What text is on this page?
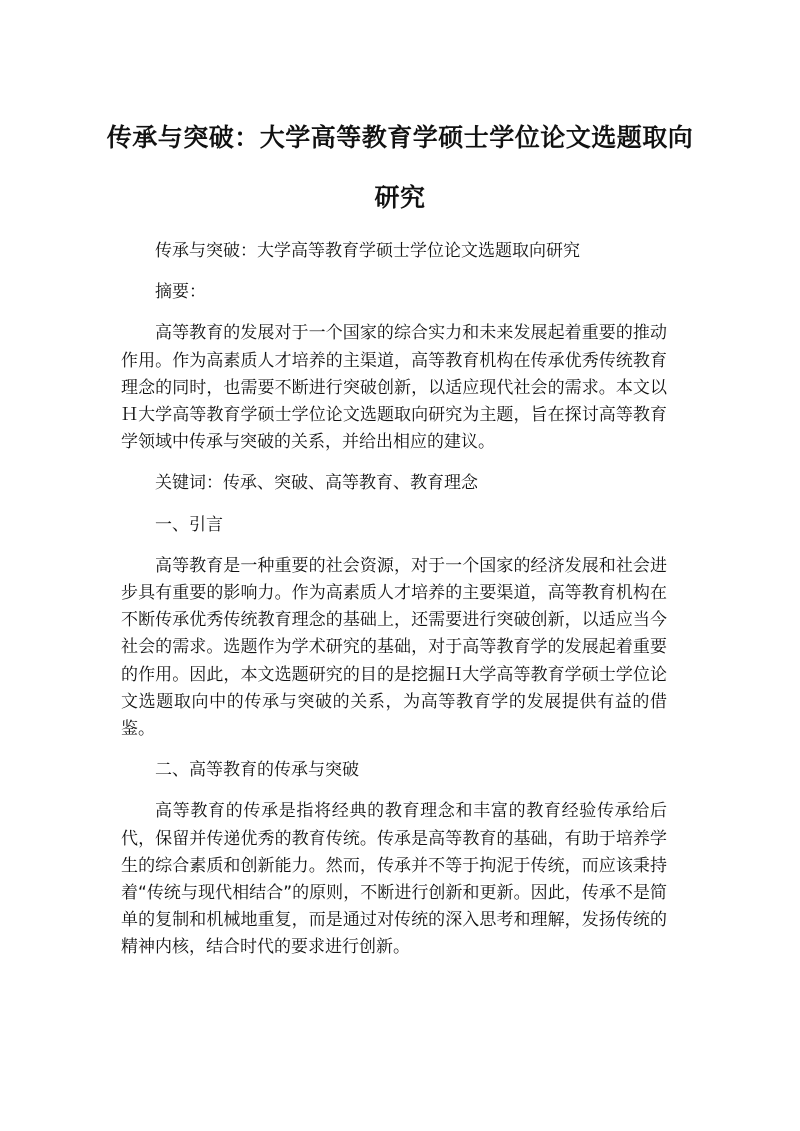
传承与突破：大学高等教育学硕士学位论文选题取向研究

传承与突破：大学高等教育学硕士学位论文选题取向研究

摘要：

高等教育的发展对于一个国家的综合实力和未来发展起着重要的推动作用。作为高素质人才培养的主渠道，高等教育机构在传承优秀传统教育理念的同时，也需要不断进行突破创新，以适应现代社会的需求。本文以Ｈ大学高等教育学硕士学位论文选题取向研究为主题，旨在探讨高等教育学领域中传承与突破的关系，并给出相应的建议。

关键词：传承、突破、高等教育、教育理念

一、引言

高等教育是一种重要的社会资源，对于一个国家的经济发展和社会进步具有重要的影响力。作为高素质人才培养的主要渠道，高等教育机构在不断传承优秀传统教育理念的基础上，还需要进行突破创新，以适应当今社会的需求。选题作为学术研究的基础，对于高等教育学的发展起着重要的作用。因此，本文选题研究的目的是挖掘Ｈ大学高等教育学硕士学位论文选题取向中的传承与突破的关系，为高等教育学的发展提供有益的借鉴。

二、高等教育的传承与突破

高等教育的传承是指将经典的教育理念和丰富的教育经验传承给后代，保留并传递优秀的教育传统。传承是高等教育的基础，有助于培养学生的综合素质和创新能力。然而，传承并不等于拘泥于传统，而应该秉持着“传统与现代相结合”的原则，不断进行创新和更新。因此，传承不是简单的复制和机械地重复，而是通过对传统的深入思考和理解，发扬传统的精神内核，结合时代的要求进行创新。
